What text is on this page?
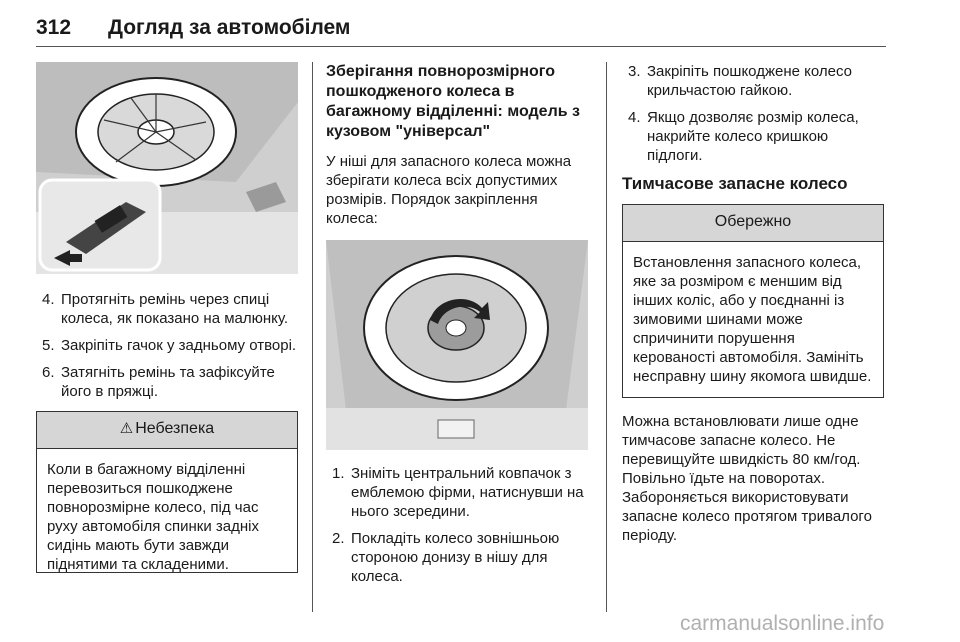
312 Догляд за автомобілем
4. Протягніть ремінь через спиці колеса, як показано на малюнку.
5. Закріпіть гачок у задньому отворі.
6. Затягніть ремінь та зафіксуйте його в пряжці.
⚠ Небезпека
Коли в багажному відділенні перевозиться пошкоджене повнорозмірне колесо, під час руху автомобіля спинки задніх сидінь мають бути завжди піднятими та складеними.
Зберігання повнорозмірного пошкодженого колеса в багажному відділенні: модель з кузовом "універсал"
У ніші для запасного колеса можна зберігати колеса всіх допустимих розмірів. Порядок закріплення колеса:
1. Зніміть центральний ковпачок з емблемою фірми, натиснувши на нього зсередини.
2. Покладіть колесо зовнішньою стороною донизу в нішу для колеса.
3. Закріпіть пошкоджене колесо крильчастою гайкою.
4. Якщо дозволяє розмір колеса, накрийте колесо кришкою підлоги.
Тимчасове запасне колесо
Обережно
Встановлення запасного колеса, яке за розміром є меншим від інших коліс, або у поєднанні із зимовими шинами може спричинити порушення керованості автомобіля. Замініть несправну шину якомога швидше.
Можна встановлювати лише одне тимчасове запасне колесо. Не перевищуйте швидкість 80 км/год. Повільно їдьте на поворотах. Забороняється використовувати запасне колесо протягом тривалого періоду.
carmanualsonline.info
